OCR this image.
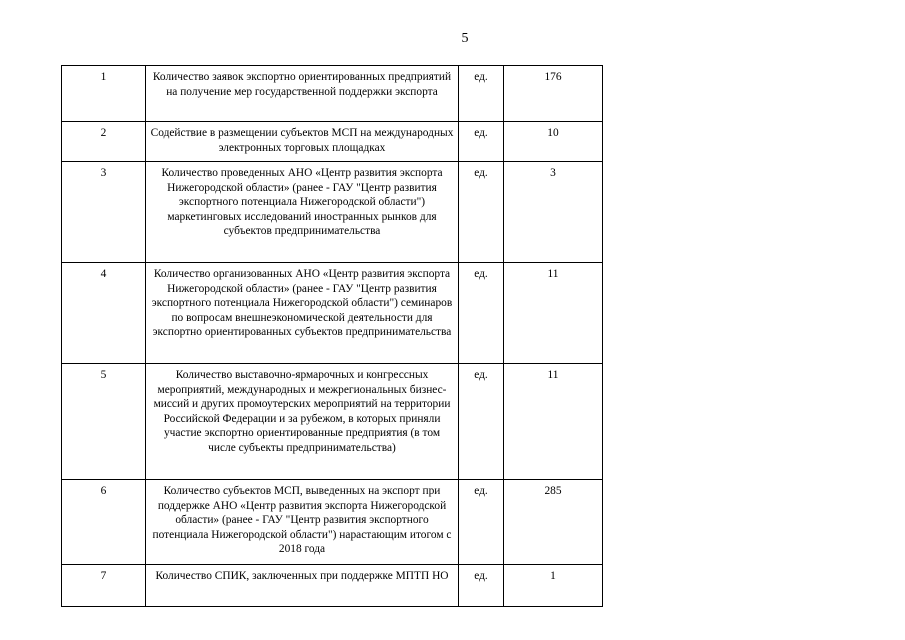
5
1	Количество заявок экспортно ориентированных предприятий на получение мер государственной поддержки экспорта	ед.	176
2	Содействие в размещении субъектов МСП на международных электронных торговых площадках	ед.	10
3	Количество проведенных АНО «Центр развития экспорта Нижегородской области» (ранее - ГАУ "Центр развития экспортного потенциала Нижегородской области") маркетинговых исследований иностранных рынков для субъектов предпринимательства	ед.	3
4	Количество организованных АНО «Центр развития экспорта Нижегородской области» (ранее - ГАУ "Центр развития экспортного потенциала Нижегородской области") семинаров по вопросам внешнеэкономической деятельности для экспортно ориентированных субъектов предпринимательства	ед.	11
5	Количество выставочно-ярмарочных и конгрессных мероприятий, международных и межрегиональных бизнес-миссий и других промоутерских мероприятий на территории Российской Федерации и за рубежом, в которых приняли участие экспортно ориентированные предприятия (в том числе субъекты предпринимательства)	ед.	11
6	Количество субъектов МСП, выведенных на экспорт при поддержке АНО «Центр развития экспорта Нижегородской области» (ранее - ГАУ "Центр развития экспортного потенциала Нижегородской области") нарастающим итогом с 2018 года	ед.	285
7	Количество СПИК, заключенных при поддержке МПТП НО	ед.	1
